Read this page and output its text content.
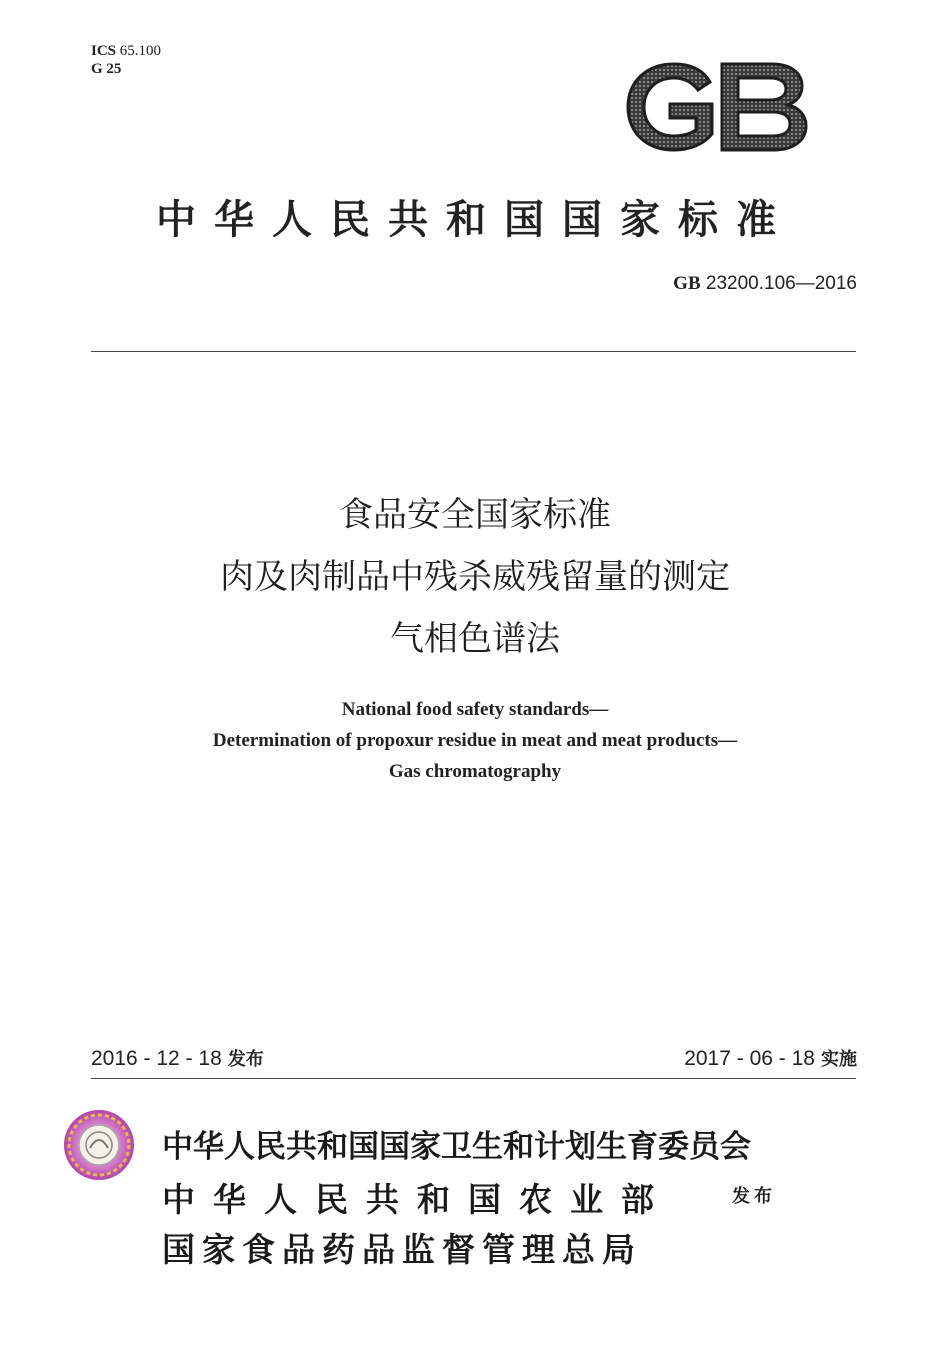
ICS 65.100
G 25
GB
中华人民共和国国家标准
GB 23200.106—2016
食品安全国家标准
肉及肉制品中残杀威残留量的测定
气相色谱法
National food safety standards—
Determination of propoxur residue in meat and meat products—
Gas chromatography
2016 - 12 - 18 发布	2017 - 06 - 18 实施
中华人民共和国国家卫生和计划生育委员会
中华人民共和国农业部	发布
国家食品药品监督管理总局
